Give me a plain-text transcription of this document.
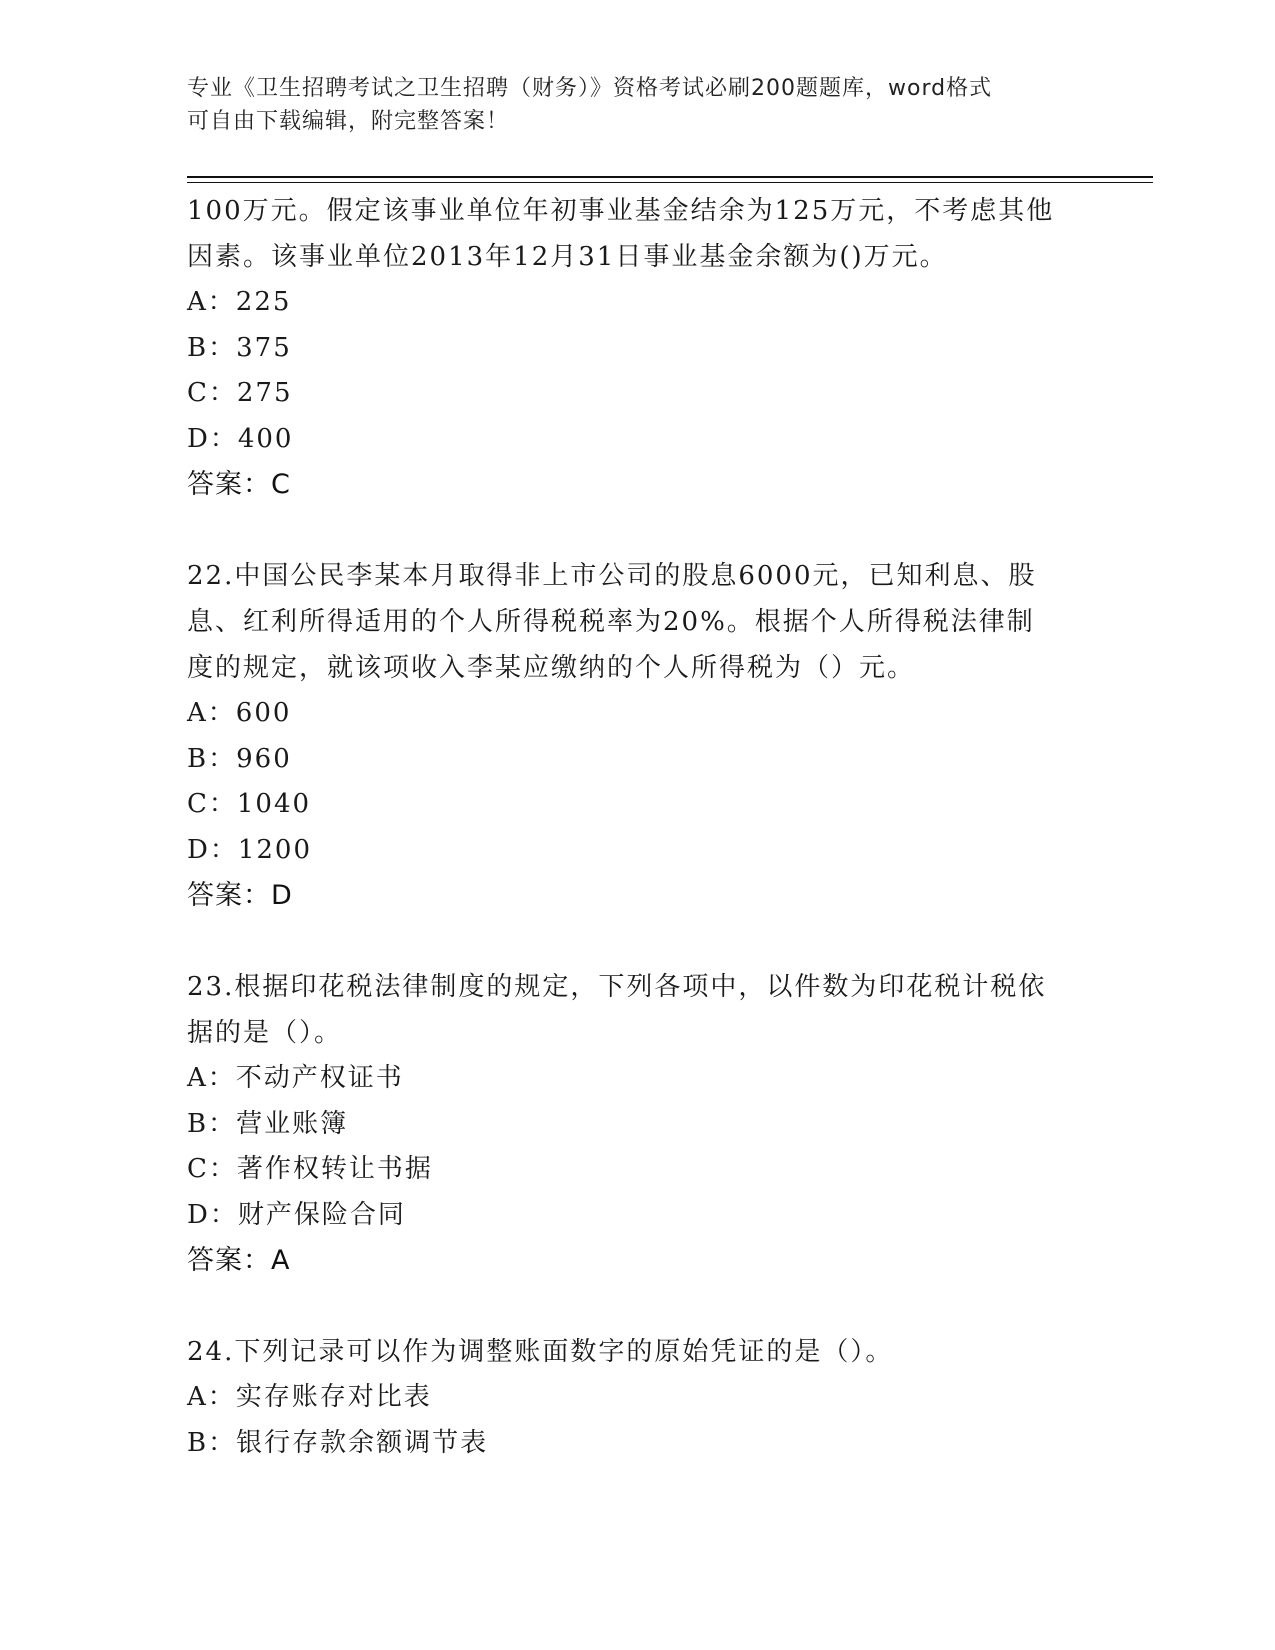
专业《卫生招聘考试之卫生招聘（财务）》资格考试必刷200题题库，word格式

可自由下载编辑，附完整答案！

100万元。假定该事业单位年初事业基金结余为125万元，不考虑其他

因素。该事业单位2013年12月31日事业基金余额为()万元。

A：225

B：375

C：275

D：400

答案：C

22.中国公民李某本月取得非上市公司的股息6000元，已知利息、股

息、红利所得适用的个人所得税税率为20%。根据个人所得税法律制

度的规定，就该项收入李某应缴纳的个人所得税为（）元。

A：600

B：960

C：1040

D：1200

答案：D

23.根据印花税法律制度的规定，下列各项中，以件数为印花税计税依

据的是（）。

A：不动产权证书

B：营业账簿

C：著作权转让书据

D：财产保险合同

答案：A

24.下列记录可以作为调整账面数字的原始凭证的是（）。

A：实存账存对比表

B：银行存款余额调节表
